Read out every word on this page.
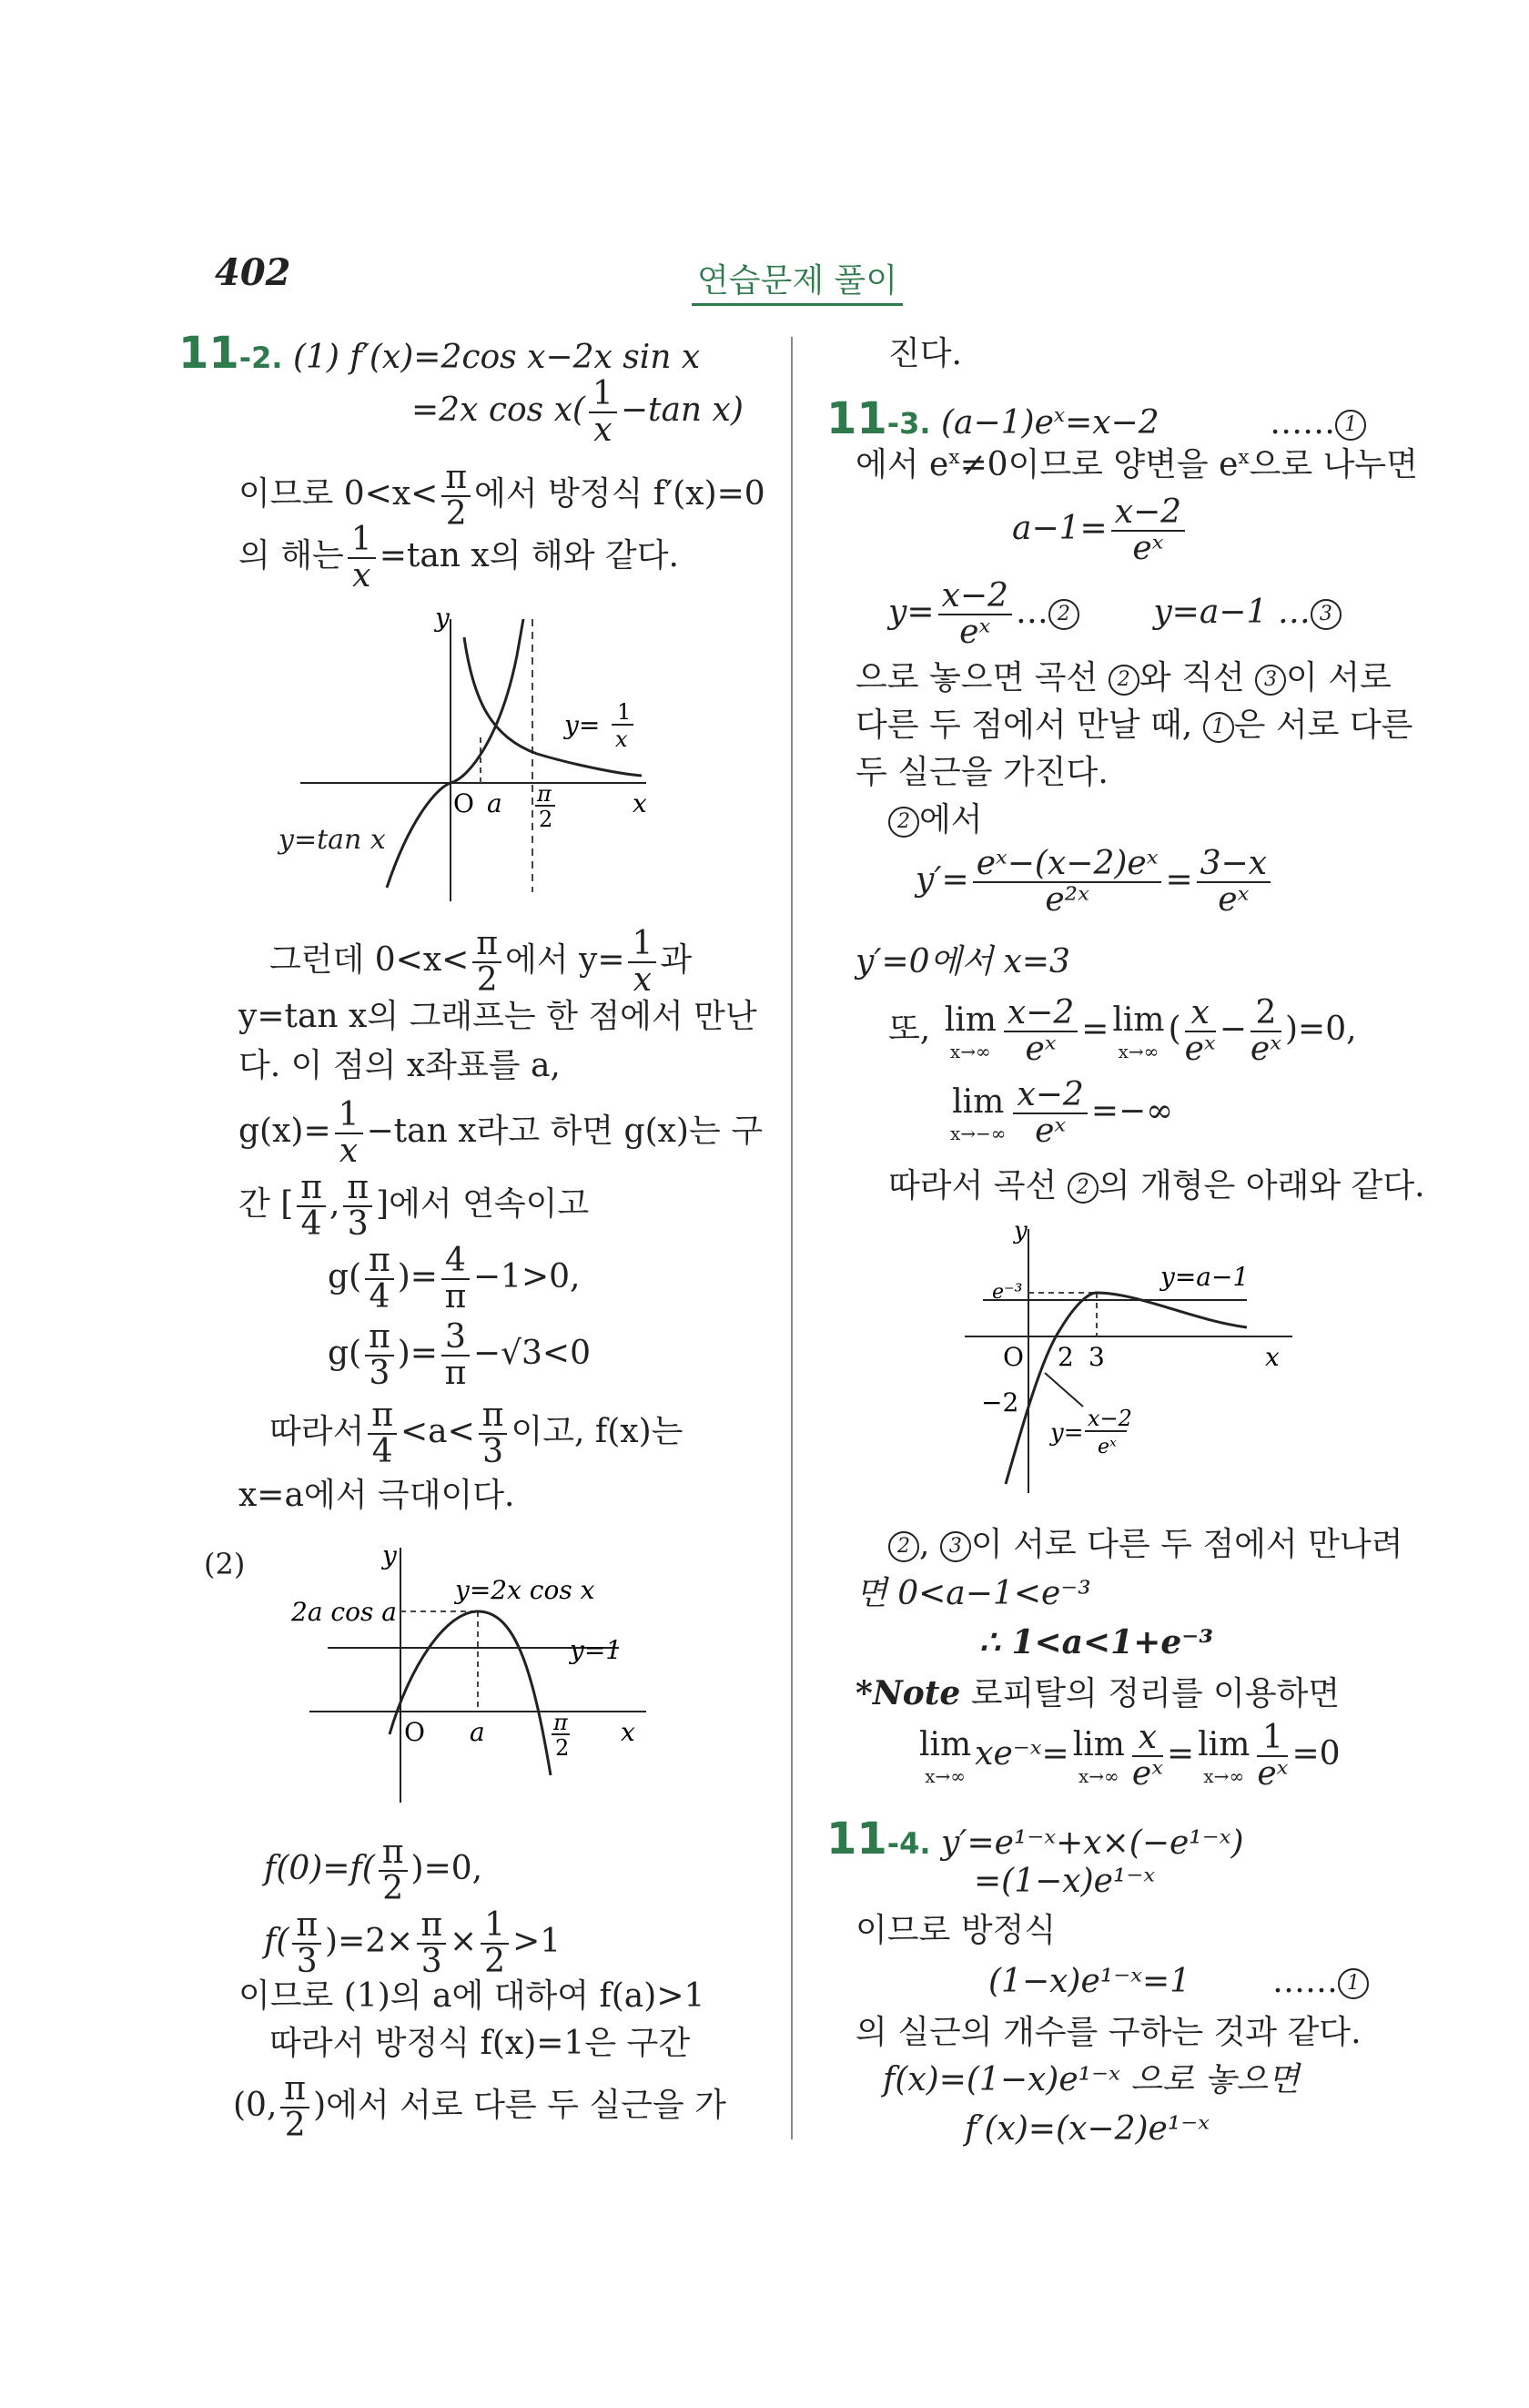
402	연습문제 풀이
11-2. (1) f′(x)=2cos x−2x sin x
=2x $\cos x( \frac{1}{x} -\tan$ x)
이므로 $0<x< \frac{\pi}{2}$ 에서 방정식 f′(x)=0
의 해는 $\frac{1}{x} =\tan$ x의 해와 같다.
y
O a π
2
x
y= 1
x
y=tan x
그런데 $0<x< \frac{\pi}{2}$ 에서 $y= \frac{1}{x}$ 과
y=tan x의 그래프는 한 점에서 만난
다. 이 점의 x좌표를 a,
$g(x)= \frac{1}{x} -\tan$ x라고 하면 g(x)는 구
간 [ $\frac{\pi}{4}$ , $\frac{\pi}{3}$ ]에서 연속이고
$g( \frac{\pi}{4}$ )= $\frac{4}{\pi} -1>0$,
$g( \frac{\pi}{3}$ )= $\frac{3}{\pi} -√3<0$
따라서 $\frac{\pi}{4} <a< \frac{\pi}{3}$ 이고, f(x)는
x=a에서 극대이다.
(2)	y
2a cos a
y=2x cos x
y=1
O a	π
2
x
$f(0)=f( \frac{\pi}{2} )=0$,
$f( \frac{\pi}{3} )=2\times \frac{\pi}{3} \times \frac{1}{2} >1$
이므로 (1)의 a에 대하여 f(a)>1
따라서 방정식 f(x)=1은 구간
(0, $\frac{\pi}{2}$ )에서 서로 다른 두 실근을 가
진다.
11-3. $(a-1)e^x=x-2$	…… 1
에서 $e^x\ne 0$이므로 양변을 $e^x$으로 나누면
$a-1= \frac{x-2}{\text{eˣ}}$
$y= \frac{x-2}{\text{eˣ}}$ … 2	y=a−1 … 3
으로 놓으면 곡선 2 와 직선 3 이 서로
다른 두 점에서 만날 때, 1 은 서로 다른
두 실근을 가진다.
2 에서
$y'= \frac{\text{eˣ−(x−2)eˣ}}{\text{e²ˣ}} = \frac{3-x}{\text{eˣ}}$
y′=0에서 x=3
또, lim
$x\to\infty \frac{x-2}{\text{eˣ}} = \lim$
x→∞
( $\frac{x}{\text{eˣ}} - \frac{2}{\text{eˣ}} )=0$,
lim
$x\to-\infty \frac{x-2}{\text{eˣ}}$ =−∞
따라서 곡선 2 의 개형은 아래와 같다.
y
e⁻³
y=a−1
O 2 3	x
−2
y=
x−2
eˣ
2 , 3 이 서로 다른 두 점에서 만나려
면 0<a−1<e⁻³
∴ 1<a<1+e⁻³
*Note 로피탈의 정리를 이용하면
lim
x→∞
xe⁻ˣ= lim
$x\to\infty \frac{x}{\text{eˣ}} = \lim$
$x\to\infty \frac{1}{\text{eˣ}} =0$
11-4. y′=e¹⁻ˣ+x×(−e¹⁻ˣ)
=(1−x)e¹⁻ˣ
이므로 방정식
(1−x)e¹⁻ˣ=1	…… 1
의 실근의 개수를 구하는 것과 같다.
f(x)=(1−x)e¹⁻ˣ 으로 놓으면
f′(x)=(x−2)e¹⁻ˣ
